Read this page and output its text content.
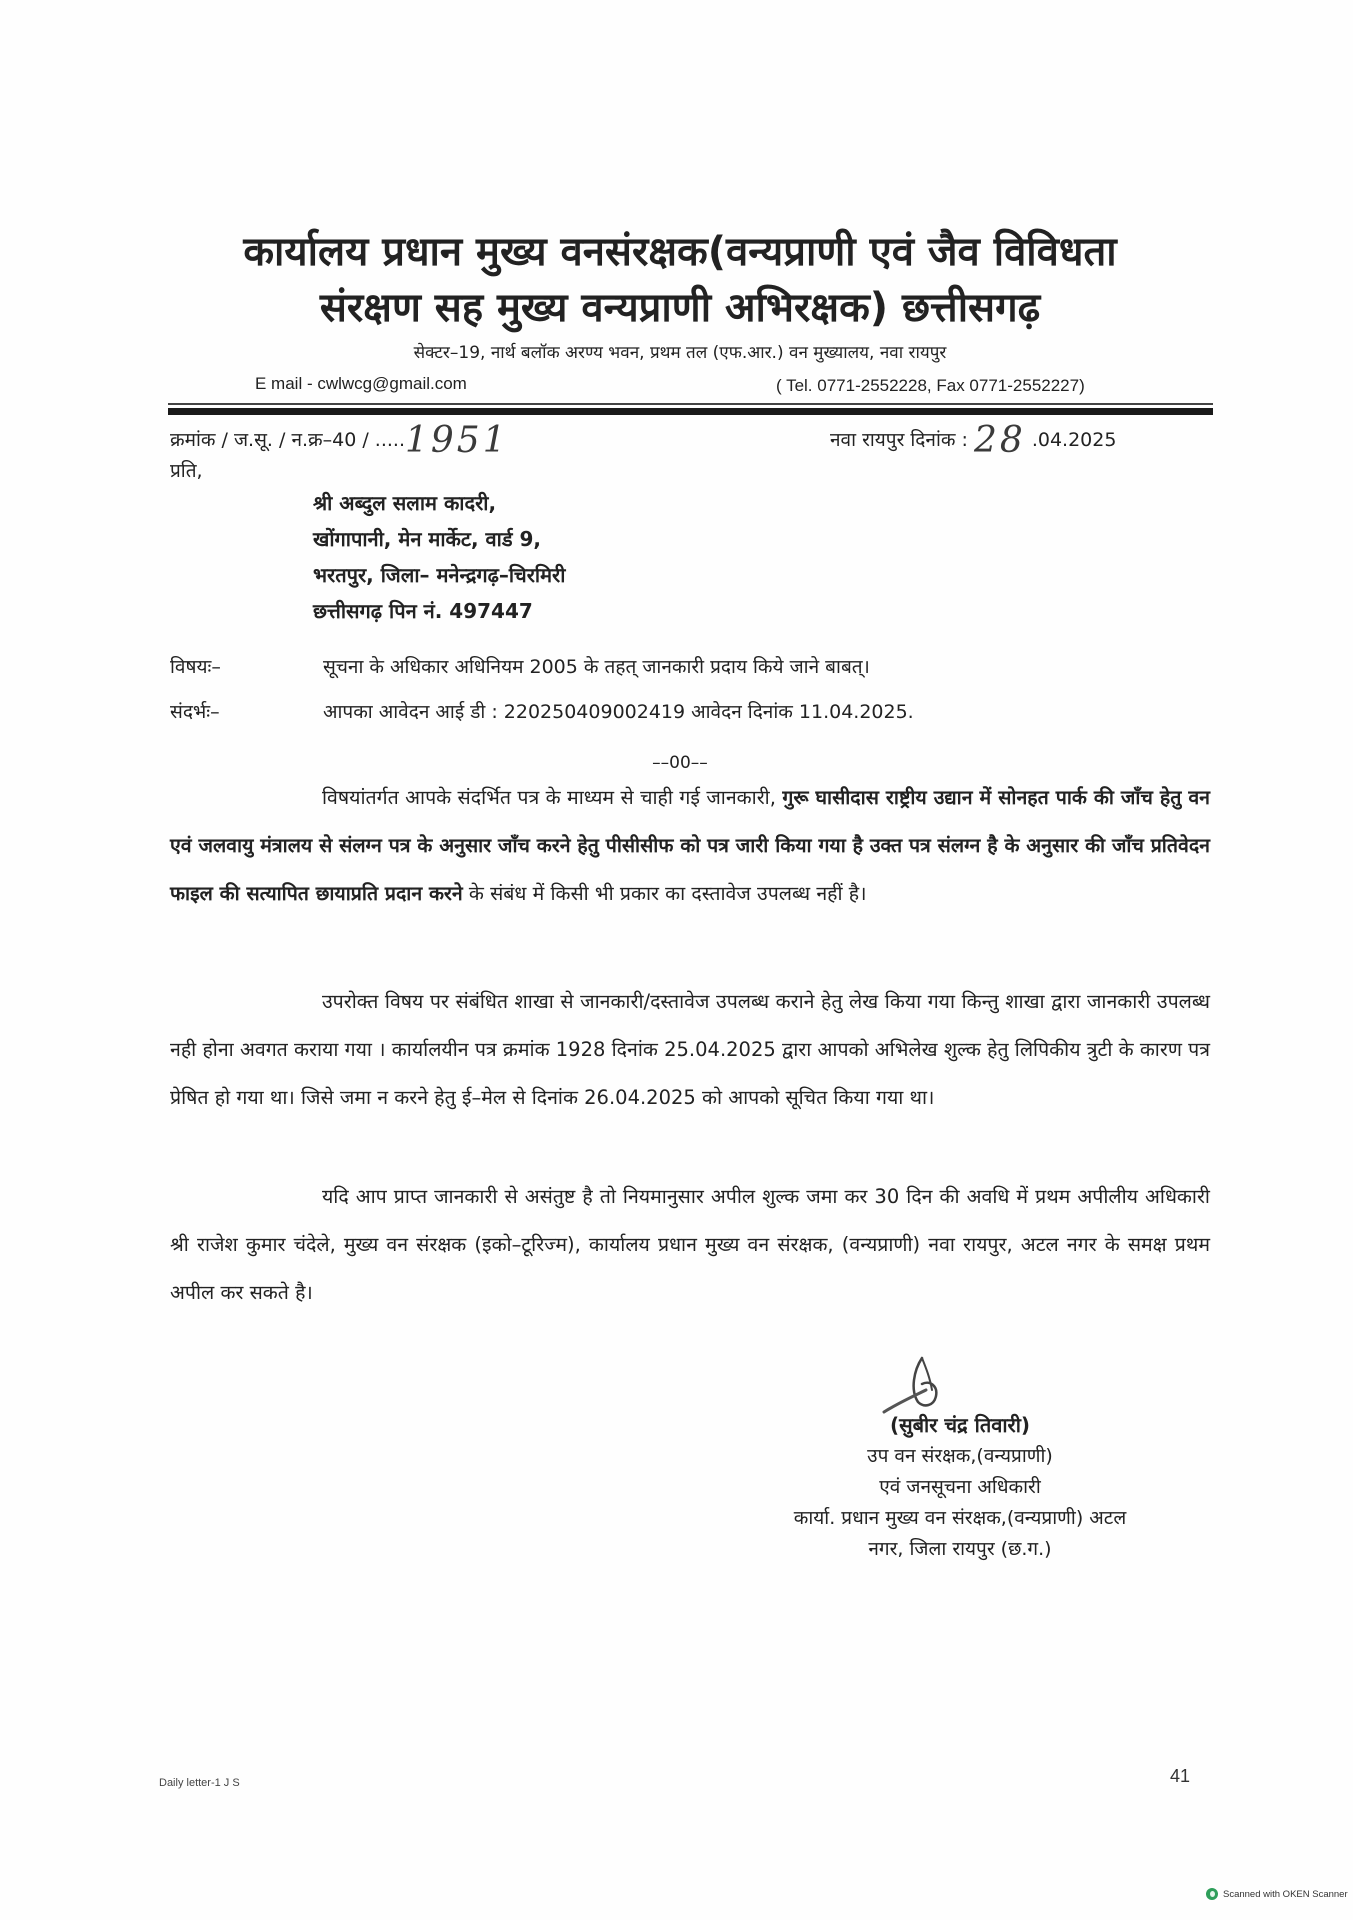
कार्यालय प्रधान मुख्य वनसंरक्षक(वन्यप्राणी एवं जैव विविधता
संरक्षण सह मुख्य वन्यप्राणी अभिरक्षक) छत्तीसगढ़
सेक्टर–19, नार्थ बलॉक अरण्य भवन, प्रथम तल (एफ.आर.) वन मुख्यालय, नवा रायपुर
E mail - cwlwcg@gmail.com	( Tel. 0771-2552228, Fax 0771-2552227)
क्रमांक / ज.सू. / न.क्र–40 / .....1951	नवा रायपुर दिनांक : 28 .04.2025
प्रति,
श्री अब्दुल सलाम कादरी,
खोंगापानी, मेन मार्केट, वार्ड 9,
भरतपुर, जिला– मनेन्द्रगढ़–चिरमिरी
छत्तीसगढ़ पिन नं. 497447
विषयः–	सूचना के अधिकार अधिनियम 2005 के तहत् जानकारी प्रदाय किये जाने बाबत्।
संदर्भः–	आपका आवेदन आई डी : 220250409002419 आवेदन दिनांक 11.04.2025.
––00––
विषयांतर्गत आपके संदर्भित पत्र के माध्यम से चाही गई जानकारी, गुरू घासीदास राष्ट्रीय उद्यान में सोनहत पार्क की जाँच हेतु वन एवं जलवायु मंत्रालय से संलग्न पत्र के अनुसार जाँच करने हेतु पीसीसीफ को पत्र जारी किया गया है उक्त पत्र संलग्न है के अनुसार की जाँच प्रतिवेदन फाइल की सत्यापित छायाप्रति प्रदान करने के संबंध में किसी भी प्रकार का दस्तावेज उपलब्ध नहीं है।
उपरोक्त विषय पर संबंधित शाखा से जानकारी/दस्तावेज उपलब्ध कराने हेतु लेख किया गया किन्तु शाखा द्वारा जानकारी उपलब्ध नही होना अवगत कराया गया । कार्यालयीन पत्र क्रमांक 1928 दिनांक 25.04.2025 द्वारा आपको अभिलेख शुल्क हेतु लिपिकीय त्रुटी के कारण पत्र प्रेषित हो गया था। जिसे जमा न करने हेतु ई–मेल से दिनांक 26.04.2025 को आपको सूचित किया गया था।
यदि आप प्राप्त जानकारी से असंतुष्ट है तो नियमानुसार अपील शुल्क जमा कर 30 दिन की अवधि में प्रथम अपीलीय अधिकारी श्री राजेश कुमार चंदेले, मुख्य वन संरक्षक (इको–टूरिज्म), कार्यालय प्रधान मुख्य वन संरक्षक, (वन्यप्राणी) नवा रायपुर, अटल नगर के समक्ष प्रथम अपील कर सकते है।
(सुबीर चंद्र तिवारी)
उप वन संरक्षक,(वन्यप्राणी)
एवं जनसूचना अधिकारी
कार्या. प्रधान मुख्य वन संरक्षक,(वन्यप्राणी) अटल
नगर, जिला रायपुर (छ.ग.)
Daily letter-1 J S	41
Scanned with OKEN Scanner
